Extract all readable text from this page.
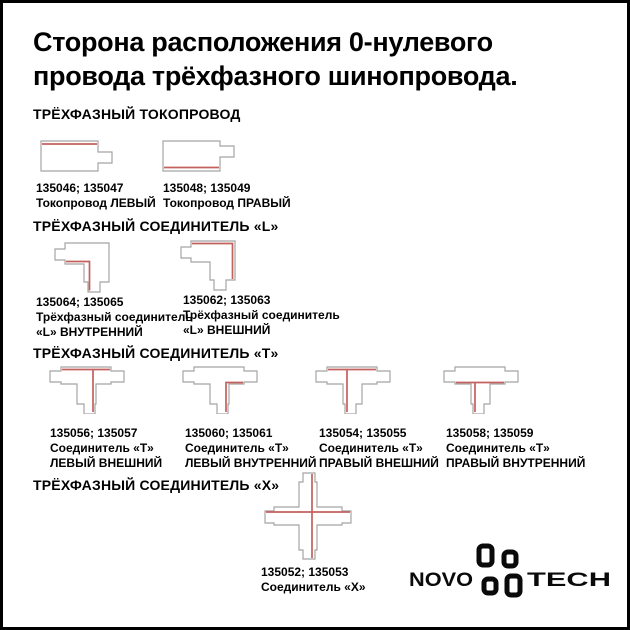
Сторона расположения 0-нулевого
провода трёхфазного шинопровода.
ТРЁХФАЗНЫЙ ТОКОПРОВОД
135046; 135047
Токопровод ЛЕВЫЙ
135048; 135049
Токопровод ПРАВЫЙ
ТРЁХФАЗНЫЙ СОЕДИНИТЕЛЬ «L»
135064; 135065
Трёхфазный соединитель
«L» ВНУТРЕННИЙ
135062; 135063
Трёхфазный соединитель
«L» ВНЕШНИЙ
ТРЁХФАЗНЫЙ СОЕДИНИТЕЛЬ «Т»
135056; 135057
Соединитель «Т»
ЛЕВЫЙ ВНЕШНИЙ
135060; 135061
Соединитель «Т»
ЛЕВЫЙ ВНУТРЕННИЙ
135054; 135055
Соединитель «Т»
ПРАВЫЙ ВНЕШНИЙ
135058; 135059
Соединитель «Т»
ПРАВЫЙ ВНУТРЕННИЙ
ТРЁХФАЗНЫЙ СОЕДИНИТЕЛЬ «Х»
135052; 135053
Соединитель «Х» NOVO	TECH
